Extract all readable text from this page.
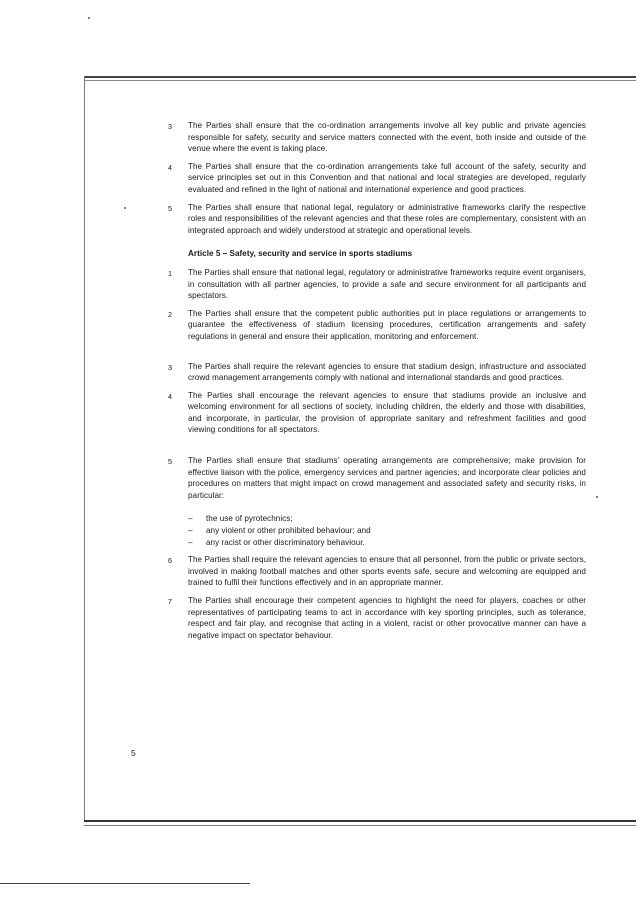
3 The Parties shall ensure that the co-ordination arrangements involve all key public and private agencies responsible for safety, security and service matters connected with the event, both inside and outside of the venue where the event is taking place.
4 The Parties shall ensure that the co-ordination arrangements take full account of the safety, security and service principles set out in this Convention and that national and local strategies are developed, regularly evaluated and refined in the light of national and international experience and good practices.
5 The Parties shall ensure that national legal, regulatory or administrative frameworks clarify the respective roles and responsibilities of the relevant agencies and that these roles are complementary, consistent with an integrated approach and widely understood at strategic and operational levels.
Article 5 – Safety, security and service in sports stadiums
1 The Parties shall ensure that national legal, regulatory or administrative frameworks require event organisers, in consultation with all partner agencies, to provide a safe and secure environment for all participants and spectators.
2 The Parties shall ensure that the competent public authorities put in place regulations or arrangements to guarantee the effectiveness of stadium licensing procedures, certification arrangements and safety regulations in general and ensure their application, monitoring and enforcement.
3 The Parties shall require the relevant agencies to ensure that stadium design, infrastructure and associated crowd management arrangements comply with national and international standards and good practices.
4 The Parties shall encourage the relevant agencies to ensure that stadiums provide an inclusive and welcoming environment for all sections of society, including children, the elderly and those with disabilities, and incorporate, in particular, the provision of appropriate sanitary and refreshment facilities and good viewing conditions for all spectators.
5 The Parties shall ensure that stadiums' operating arrangements are comprehensive; make provision for effective liaison with the police, emergency services and partner agencies; and incorporate clear policies and procedures on matters that might impact on crowd management and associated safety and security risks, in particular:
– the use of pyrotechnics;
– any violent or other prohibited behaviour; and
– any racist or other discriminatory behaviour.
6 The Parties shall require the relevant agencies to ensure that all personnel, from the public or private sectors, involved in making football matches and other sports events safe, secure and welcoming are equipped and trained to fulfil their functions effectively and in an appropriate manner.
7 The Parties shall encourage their competent agencies to highlight the need for players, coaches or other representatives of participating teams to act in accordance with key sporting principles, such as tolerance, respect and fair play, and recognise that acting in a violent, racist or other provocative manner can have a negative impact on spectator behaviour.
5
